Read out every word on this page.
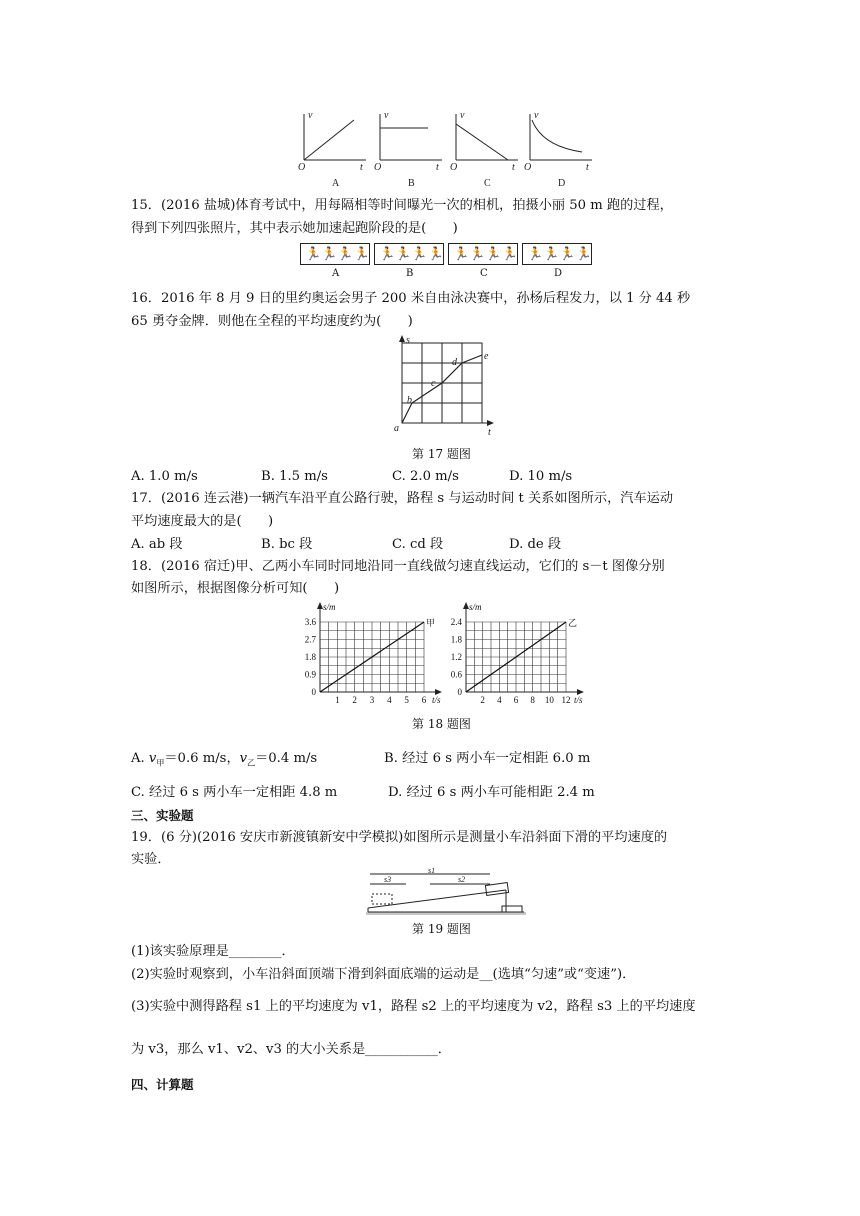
v	v	v	v
t	t	t	t
O	O	O	O
A	B	C	D
15．(2016 盐城)体育考试中，用每隔相等时间曝光一次的相机，拍摄小丽 50 m 跑的过程，
得到下列四张照片，其中表示她加速起跑阶段的是(　　)
🏃 🏃 🏃 🏃 🏃 🏃 🏃 🏃 🏃 🏃 🏃 🏃 🏃 🏃 🏃 🏃
A	B	C	D
16．2016 年 8 月 9 日的里约奥运会男子 200 米自由泳决赛中，孙杨后程发力，以 1 分 44 秒
65 勇夺金牌．则他在全程的平均速度约为(　　)
s
t
a
b
c
d
e
第 17 题图
A. 1.0 m/s	B. 1.5 m/s	C. 2.0 m/s	D. 10 m/s
17．(2016 连云港)一辆汽车沿平直公路行驶，路程 s 与运动时间 t 关系如图所示，汽车运动
平均速度最大的是(　　)
A. ab 段	B. bc 段	C. cd 段	D. de 段
18．(2016 宿迁)甲、乙两小车同时同地沿同一直线做匀速直线运动，它们的 s－t 图像分别
如图所示，根据图像分析可知(　　)
甲
0
0.9
1.8
2.7
3.6
1 2 3 4 5 6
s/m
t/s
乙
0
0.6
1.2
1.8
2.4
2 4 6 8 10 12
s/m
t/s
第 18 题图
A. $v_甲=0.6$ m/s，$v_乙=0.4$ m/s	B. 经过 6 s 两小车一定相距 6.0 m
C. 经过 6 s 两小车一定相距 4.8 m	D. 经过 6 s 两小车可能相距 2.4 m
三、实验题
19．(6 分)(2016 安庆市新渡镇新安中学模拟)如图所示是测量小车沿斜面下滑的平均速度的
实验．
s1
s3	s2
第 19 题图
(1)该实验原理是________．
(2)实验时观察到，小车沿斜面顶端下滑到斜面底端的运动是__(选填“匀速”或“变速”)．
(3)实验中测得路程 s1 上的平均速度为 v1，路程 s2 上的平均速度为 v2，路程 s3 上的平均速度
为 v3，那么 v1、v2、v3 的大小关系是___________．
四、计算题
